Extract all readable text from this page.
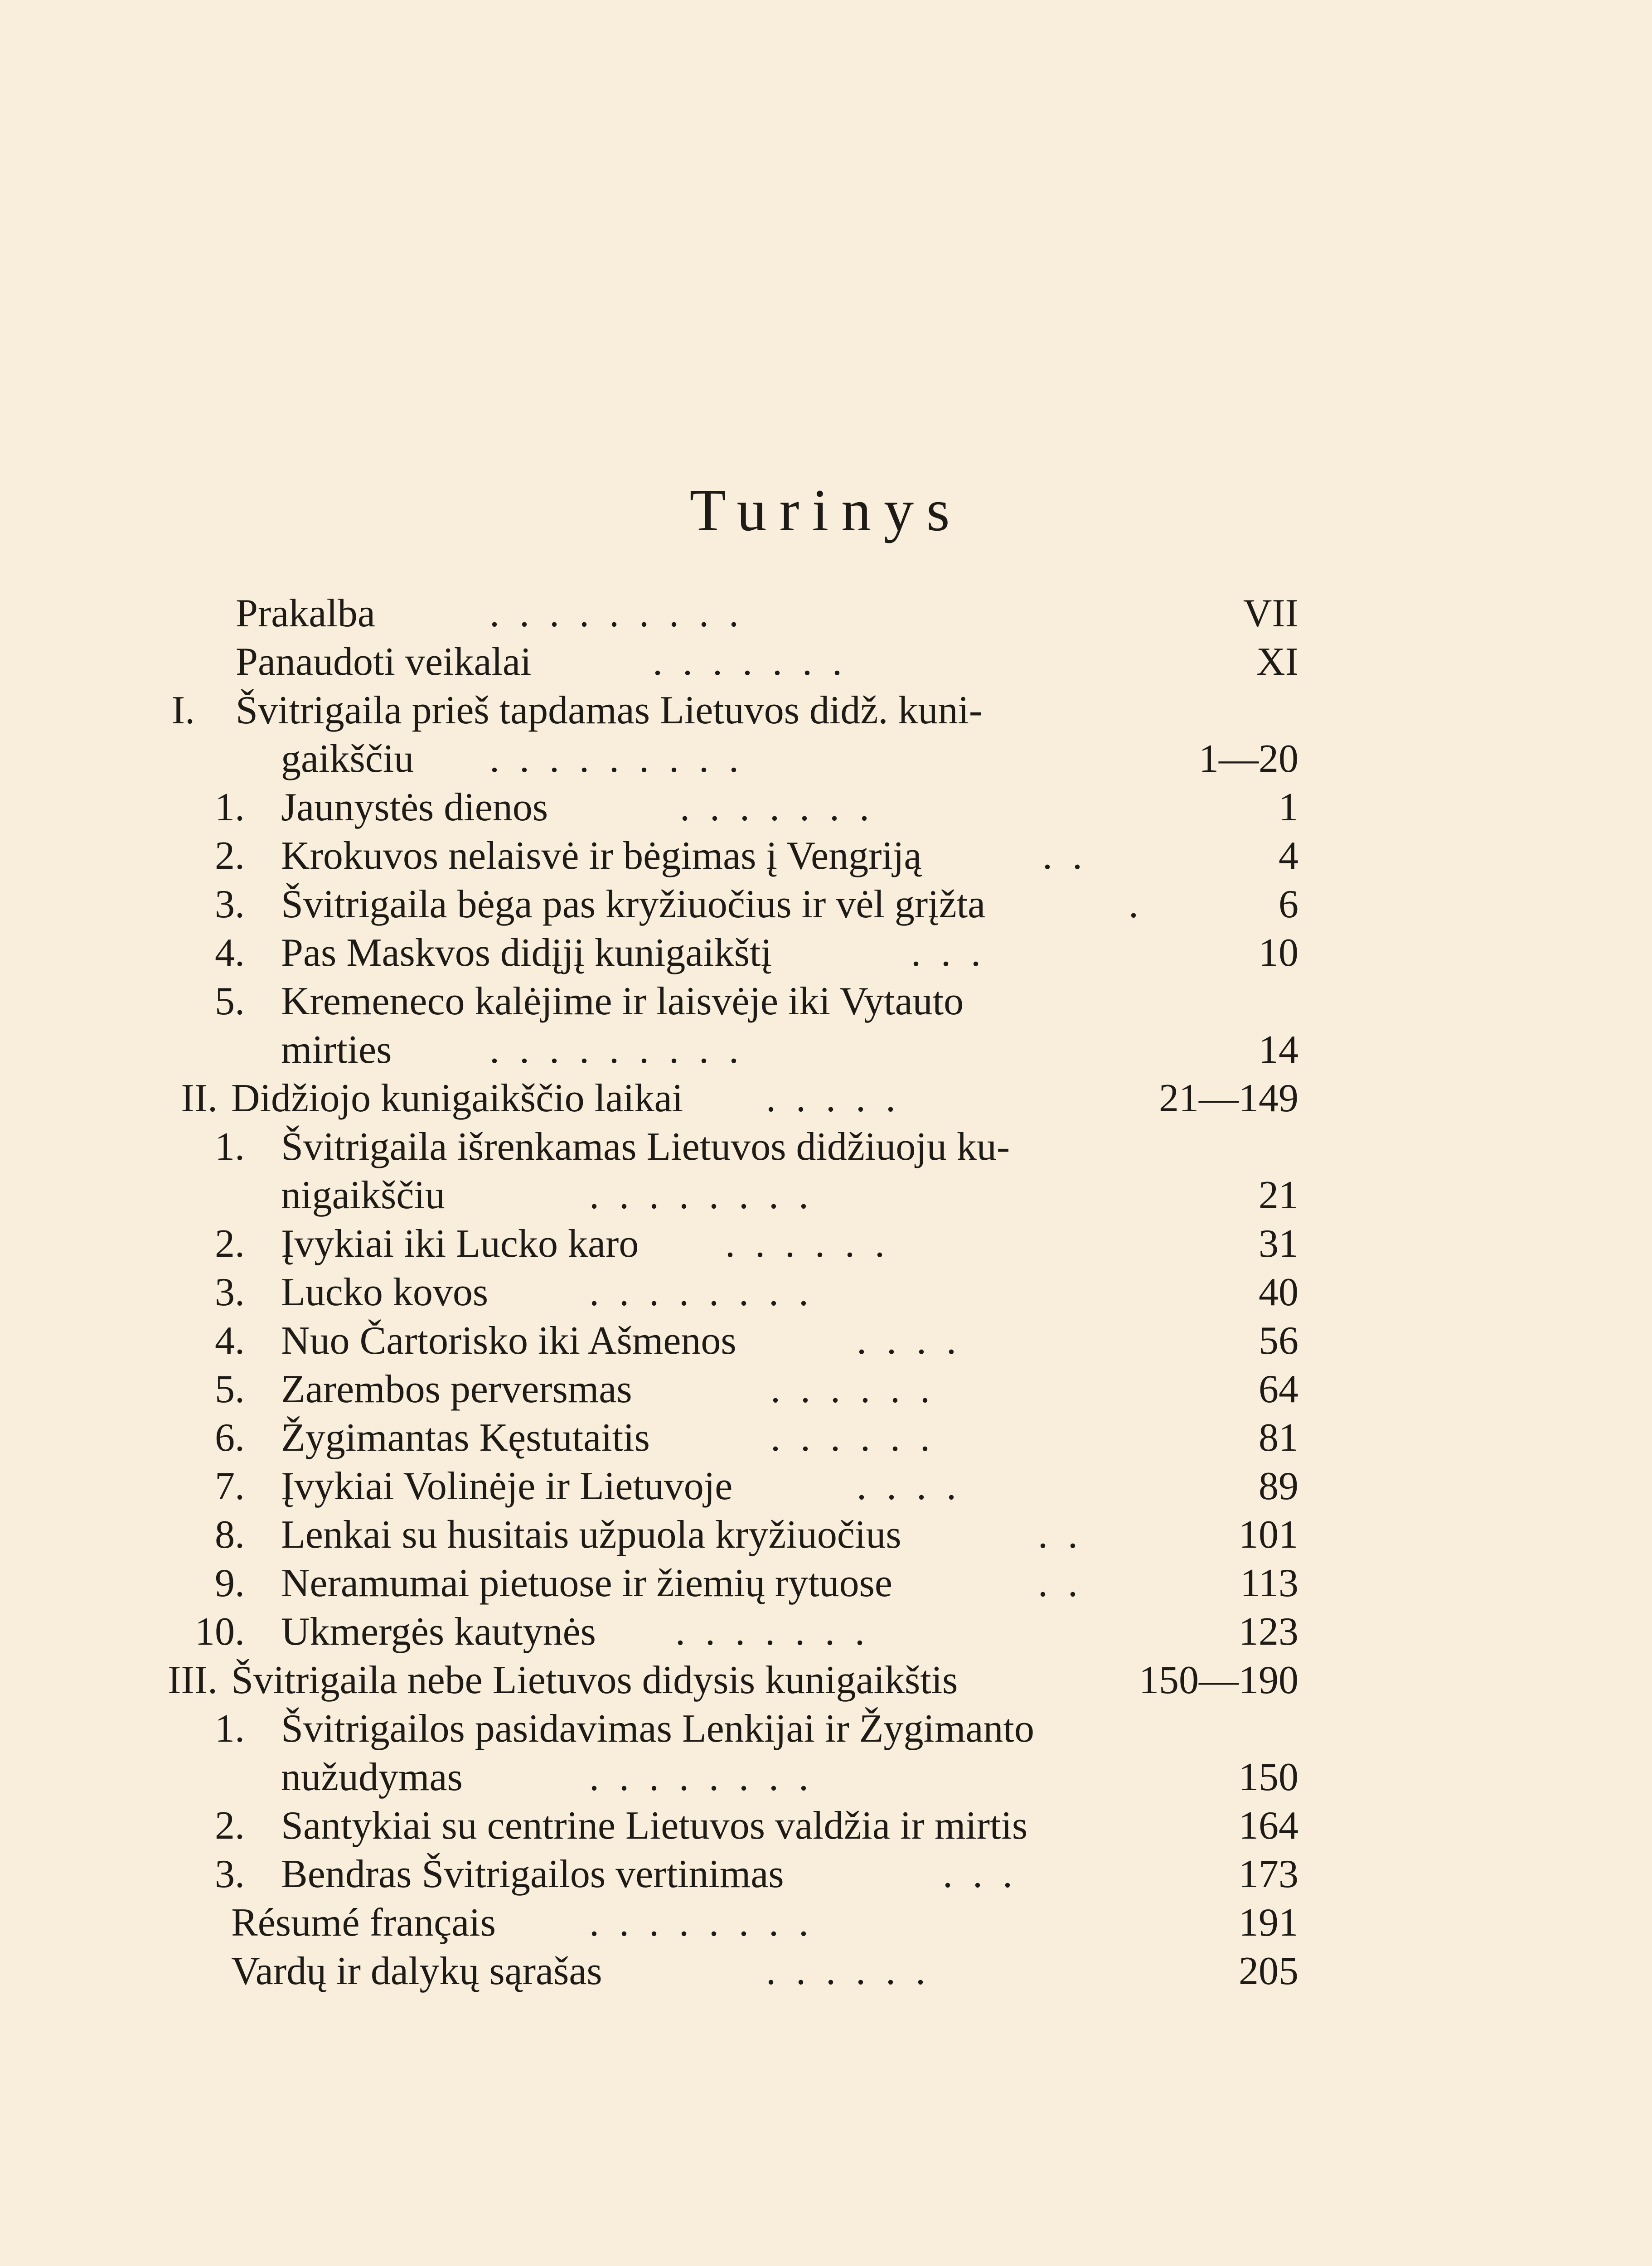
Turinys
Prakalba	. . . . . . . . .	VII
Panaudoti veikalai	. . . . . . .	XI
I. Švitrigaila prieš tapdamas Lietuvos didž. kuni-
gaikščiu . . . . . . . . .	1—20
1. Jaunystės dienos	. . . . . . .	1
2. Krokuvos nelaisvė ir bėgimas į Vengriją	. .	4
3. Švitrigaila bėga pas kryžiuočius ir vėl grįžta	.	6
4. Pas Maskvos didįjį kunigaikštį	. . .	10
5. Kremeneco kalėjime ir laisvėje iki Vytauto
mirties . . . . . . . . .	14
II. Didžiojo kunigaikščio laikai . . . . .	21—149
1. Švitrigaila išrenkamas Lietuvos didžiuoju ku-
nigaikščiu	. . . . . . . .	21
2. Įvykiai iki Lucko karo . . . . . .	31
3. Lucko kovos	. . . . . . . .	40
4. Nuo Čartorisko iki Ašmenos	. . . .	56
5. Zarembos perversmas	. . . . . .	64
6. Žygimantas Kęstutaitis	. . . . . .	81
7. Įvykiai Volinėje ir Lietuvoje	. . . .	89
8. Lenkai su husitais užpuola kryžiuočius	. .	101
9. Neramumai pietuose ir žiemių rytuose	. .	113
10. Ukmergės kautynės . . . . . . .	123
III. Švitrigaila nebe Lietuvos didysis kunigaikštis	150—190
1. Švitrigailos pasidavimas Lenkijai ir Žygimanto
nužudymas	. . . . . . . .	150
2. Santykiai su centrine Lietuvos valdžia ir mirtis	164
3. Bendras Švitrigailos vertinimas	. . .	173
Résumé français . . . . . . . .	191
Vardų ir dalykų sąrašas	. . . . . .	205
